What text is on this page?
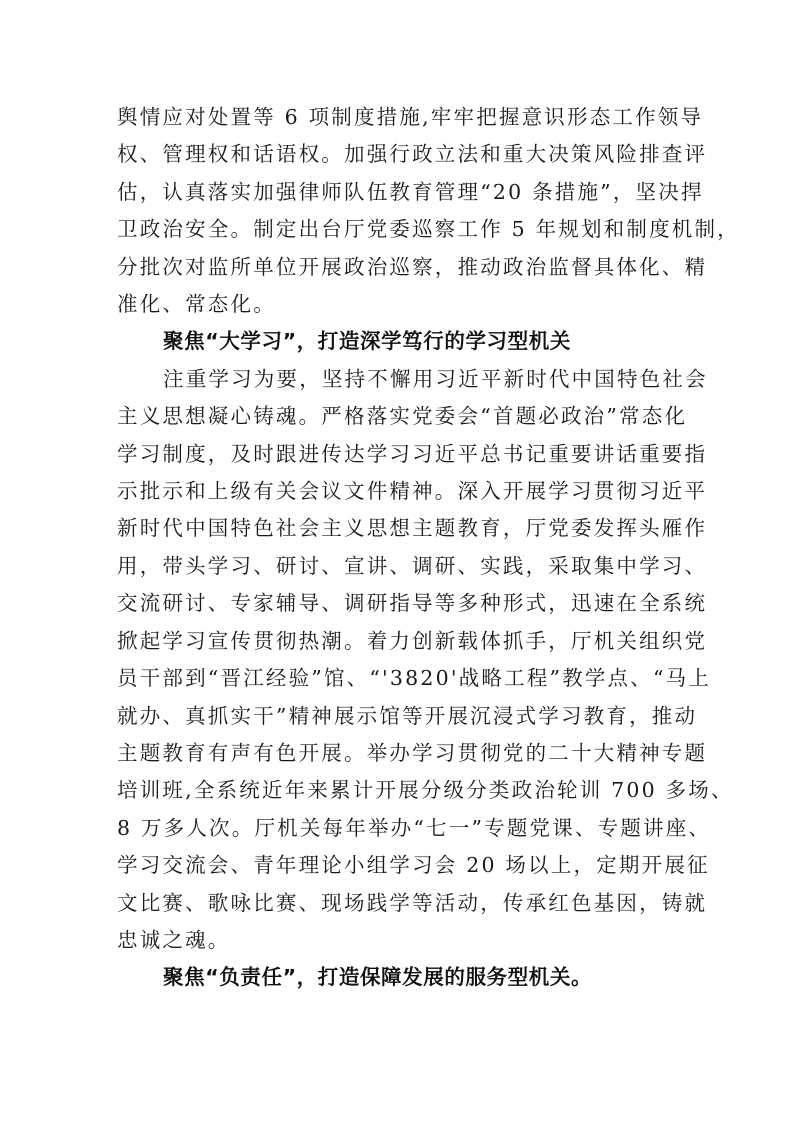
舆情应对处置等 6 项制度措施,牢牢把握意识形态工作领导
权、管理权和话语权。加强行政立法和重大决策风险排查评
估，认真落实加强律师队伍教育管理“20 条措施”，坚决捍
卫政治安全。制定出台厅党委巡察工作 5 年规划和制度机制，
分批次对监所单位开展政治巡察，推动政治监督具体化、精
准化、常态化。

聚焦“大学习”，打造深学笃行的学习型机关

注重学习为要，坚持不懈用习近平新时代中国特色社会
主义思想凝心铸魂。严格落实党委会“首题必政治”常态化
学习制度，及时跟进传达学习习近平总书记重要讲话重要指
示批示和上级有关会议文件精神。深入开展学习贯彻习近平
新时代中国特色社会主义思想主题教育，厅党委发挥头雁作
用，带头学习、研讨、宣讲、调研、实践，采取集中学习、
交流研讨、专家辅导、调研指导等多种形式，迅速在全系统
掀起学习宣传贯彻热潮。着力创新载体抓手，厅机关组织党
员干部到“晋江经验”馆、“'3820'战略工程”教学点、“马上
就办、真抓实干”精神展示馆等开展沉浸式学习教育，推动
主题教育有声有色开展。举办学习贯彻党的二十大精神专题
培训班,全系统近年来累计开展分级分类政治轮训 700 多场、
8 万多人次。厅机关每年举办“七一”专题党课、专题讲座、
学习交流会、青年理论小组学习会 20 场以上，定期开展征
文比赛、歌咏比赛、现场践学等活动，传承红色基因，铸就
忠诚之魂。

聚焦“负责任”，打造保障发展的服务型机关。
